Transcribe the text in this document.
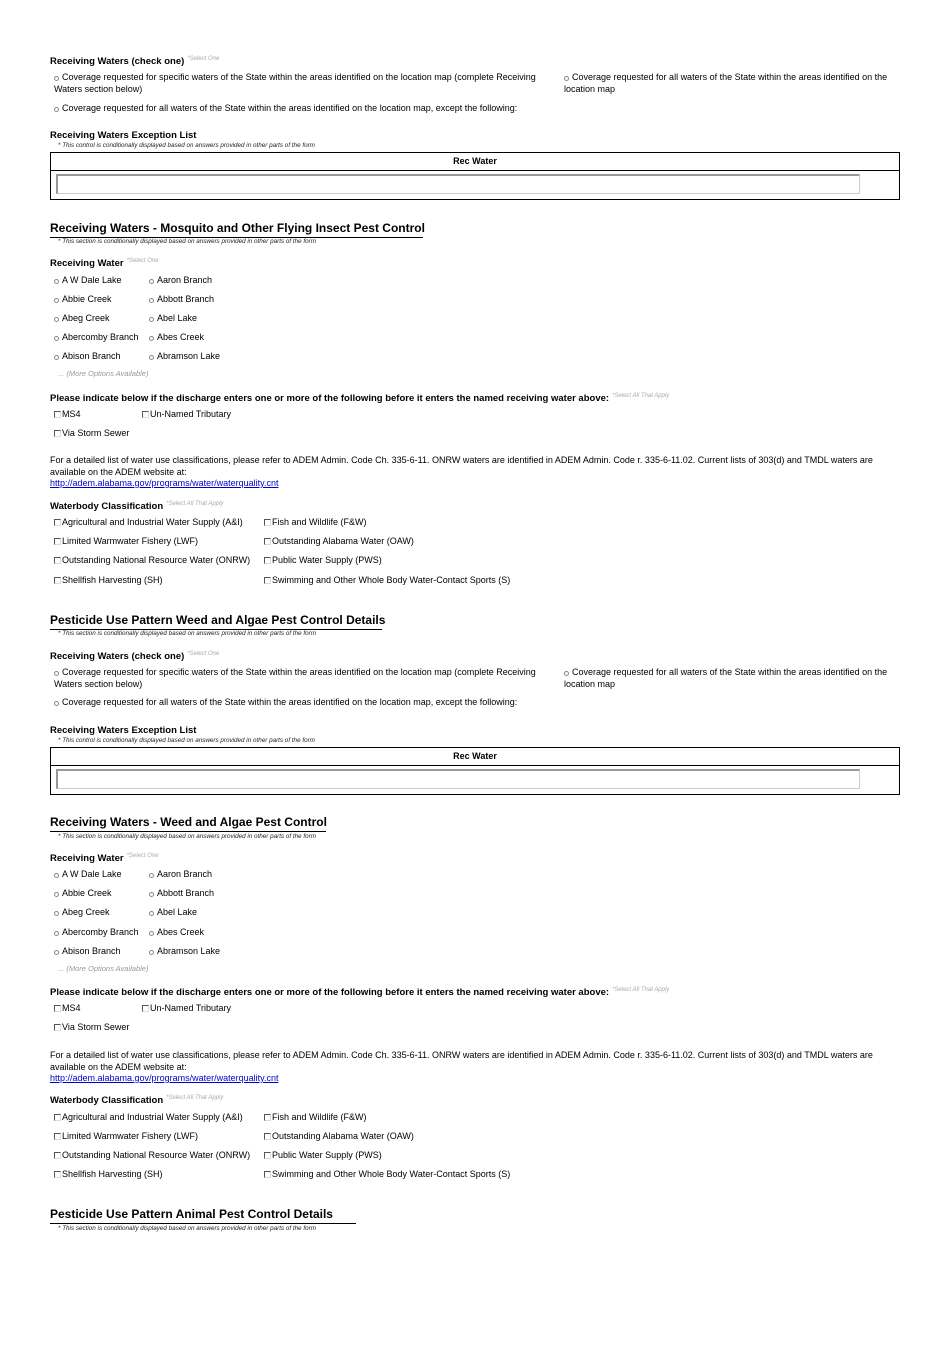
Receiving Waters (check one) $^{*Select One}$
Coverage requested for specific waters of the State within the areas identified on the location map (complete Receiving Waters section below)
Coverage requested for all waters of the State within the areas identified on the location map
Coverage requested for all waters of the State within the areas identified on the location map, except the following:
Receiving Waters Exception List
* This control is conditionally displayed based on answers provided in other parts of the form
Rec Water
Receiving Waters - Mosquito and Other Flying Insect Pest Control
* This section is conditionally displayed based on answers provided in other parts of the form
Receiving Water $^{*Select One}$
A W Dale Lake	Aaron Branch
Abbie Creek	Abbott Branch
Abeg Creek	Abel Lake
Abercomby Branch	Abes Creek
Abison Branch	Abramson Lake
... (More Options Available)
Please indicate below if the discharge enters one or more of the following before it enters the named receiving water above: $^{*Select All That Apply}$
MS4	Un-Named Tributary
Via Storm Sewer
For a detailed list of water use classifications, please refer to ADEM Admin. Code Ch. 335-6-11. ONRW waters are identified in ADEM Admin. Code r. 335-6-11.02. Current lists of 303(d) and TMDL waters are available on the ADEM website at:
http://adem.alabama.gov/programs/water/waterquality.cnt
Waterbody Classification $^{*Select All That Apply}$
Agricultural and Industrial Water Supply (A&I)	Fish and Wildlife (F&W)
Limited Warmwater Fishery (LWF)	Outstanding Alabama Water (OAW)
Outstanding National Resource Water (ONRW)	Public Water Supply (PWS)
Shellfish Harvesting (SH)	Swimming and Other Whole Body Water-Contact Sports (S)
Pesticide Use Pattern Weed and Algae Pest Control Details
* This section is conditionally displayed based on answers provided in other parts of the form
Receiving Waters (check one) $^{*Select One}$
Coverage requested for specific waters of the State within the areas identified on the location map (complete Receiving Waters section below)
Coverage requested for all waters of the State within the areas identified on the location map
Coverage requested for all waters of the State within the areas identified on the location map, except the following:
Receiving Waters Exception List
* This control is conditionally displayed based on answers provided in other parts of the form
Rec Water
Receiving Waters - Weed and Algae Pest Control
* This section is conditionally displayed based on answers provided in other parts of the form
Receiving Water $^{*Select One}$
A W Dale Lake	Aaron Branch
Abbie Creek	Abbott Branch
Abeg Creek	Abel Lake
Abercomby Branch	Abes Creek
Abison Branch	Abramson Lake
... (More Options Available)
Please indicate below if the discharge enters one or more of the following before it enters the named receiving water above: $^{*Select All That Apply}$
MS4	Un-Named Tributary
Via Storm Sewer
For a detailed list of water use classifications, please refer to ADEM Admin. Code Ch. 335-6-11. ONRW waters are identified in ADEM Admin. Code r. 335-6-11.02. Current lists of 303(d) and TMDL waters are available on the ADEM website at:
http://adem.alabama.gov/programs/water/waterquality.cnt
Waterbody Classification $^{*Select All That Apply}$
Agricultural and Industrial Water Supply (A&I)	Fish and Wildlife (F&W)
Limited Warmwater Fishery (LWF)	Outstanding Alabama Water (OAW)
Outstanding National Resource Water (ONRW)	Public Water Supply (PWS)
Shellfish Harvesting (SH)	Swimming and Other Whole Body Water-Contact Sports (S)
Pesticide Use Pattern Animal Pest Control Details
* This section is conditionally displayed based on answers provided in other parts of the form
